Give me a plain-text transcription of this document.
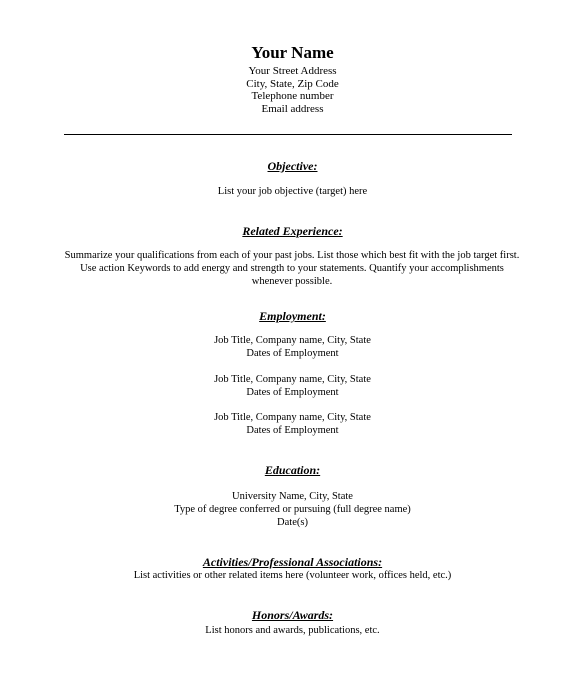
Your Name
Your Street Address
City, State, Zip Code
Telephone number
Email address
Objective:
List your job objective (target) here
Related Experience:
Summarize your qualifications from each of your past jobs. List those which best fit with the job target first. Use action Keywords to add energy and strength to your statements. Quantify your accomplishments whenever possible.
Employment:
Job Title, Company name, City, State
Dates of Employment
Job Title, Company name, City, State
Dates of Employment
Job Title, Company name, City, State
Dates of Employment
Education:
University Name, City, State
Type of degree conferred or pursuing (full degree name)
Date(s)
Activities/Professional Associations:
List activities or other related items here (volunteer work, offices held, etc.)
Honors/Awards:
List honors and awards, publications, etc.
